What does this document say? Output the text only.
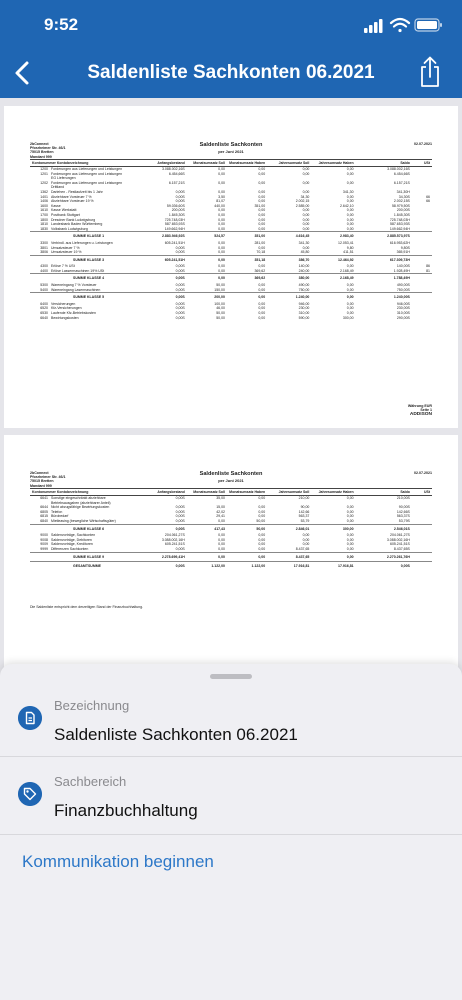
9:52
Saldenliste Sachkonten 06.2021
2bConnect
Pforzheimer Str. 46/1
75015 Bretten
Mandant 999
Saldenliste Sachkonten
per Juni 2021
02.07.2021
Kontonummer Kontobezeichnung	Anfangsbestand	Monatsumsatz Soll	Monatsumsatz Haben	Jahresumsatz Soll	Jahresumsatz Haben	Saldo	USt
1200 Forderungen aus Lieferungen und Leistungen	3.088.002,16S	0,00	0,00	0,00	0,00	3.088.002,16S	
1201 Forderungen aus Lieferungen und Leistungen	6.454,66S	0,00	0,00	0,00	0,00	6.454,66S	
EG Lieferungen							
1202 Forderungen aus Lieferungen und Leistungen	6.157,21S	0,00	0,00	0,00	0,00	6.157,21S	
Drittland							
1362 Darlehen - Restlaufzeit bis 1 Jahr	0,00S	0,00	0,00	0,00	341,30	341,30H	
1401 Abziehbare Vorsteuer 7 %	0,00S	3,50	0,00	34,30	0,00	34,30S	66
1406 Abziehbare Vorsteuer 19 %	0,00S	81,07	0,00	2.002,15	0,00	2.002,15S	66
1600 Kasse	59.036,60S	440,00	351,00	2.585,00	2.642,10	58.979,50S	
1610 Kasse Werkstatt	200,00S	0,00	0,00	0,00	0,00	200,00S	
1700 Postbank Stuttgart	1.845,30S	0,00	0,00	0,00	0,00	1.845,30S	
1800 Dresdner Bank Ludwigsburg	725.748,03H	0,00	0,00	0,00	0,00	725.748,03H	
1810 Landesbank Baden Württemberg	587.653,93S	0,00	0,00	0,00	0,00	587.653,93S	
1830 Volksbank Ludwigsburg	149.662,94H	0,00	0,00	0,00	0,00	149.662,94H	
SUMME KLASSE 1	2.883.946,92S	524,57	351,00	4.616,45	2.983,40	2.885.573,97S	
3300 Verbindl. aus Lieferungen u. Leistungen	605.241,51H	0,00	281,00	341,30	12.053,41	616.953,62H	
3801 Umsatzsteuer 7 %	0,00S	0,00	0,00	0,00	9,80	9,80S	
3806 Umsatzsteuer 19 %	0,00S	0,00	70,18	45,80	411,51	365,91H	
SUMME KLASSE 3	605.241,51H	0,00	351,18	386,70	12.464,92	617.309,73H	
4300 Erlöse 7 % USt	0,00S	0,00	0,00	140,00	0,00	140,00S	86
4400 Erlöse Lassermaschinen 19% USt	0,00S	0,00	369,62	240,00	2.168,49	1.928,49H	81
SUMME KLASSE 4	0,00S	0,00	369,62	380,00	2.168,49	1.788,49H	
5300 Wareneingang 7 % Vorsteuer	0,00S	50,00	0,00	490,00	0,00	490,00S	
5400 Wareneingang Lasermaschinen	0,00S	150,00	0,00	750,00	0,00	750,00S	
SUMME KLASSE 5	0,00S	200,00	0,00	1.240,00	0,00	1.240,00S	
6400 Versicherungen	0,00S	100,00	0,00	946,00	0,00	946,00S	
6520 Kfz-Versicherungen	0,00S	46,00	0,00	230,00	0,00	230,00S	
6530 Laufende Kfz-Betriebskosten	0,00S	50,00	0,00	310,00	0,00	310,00S	
6640 Bewirtungskosten	0,00S	50,00	0,00	590,00	300,00	290,00S	
Währung EUR
Seite 1
ADDISON
2bConnect
Pforzheimer Str. 46/1
75015 Bretten
Mandant 999
Saldenliste Sachkonten
per Juni 2021
02.07.2021
Kontonummer Kontobezeichnung	Anfangsbestand	Monatsumsatz Soll	Monatsumsatz Haben	Jahresumsatz Soll	Jahresumsatz Haben	Saldo	USt
6641 Sonstige eingeschränkt abziehbare	0,00S	35,00	0,00	210,00	0,00	210,00S	
Betriebsausgaben (abziehbarer Anteil)							
6644 Nicht abzugsfähige Bewirtungskosten	0,00S	15,00	0,00	90,00	0,00	90,00S	
6805 Telefon	0,00S	42,02	0,00	142,66	0,00	142,66S	
6815 Bürobedarf	0,00S	29,41	0,00	563,37	0,00	563,37S	
6840 Mietleasing (bewegliche Wirtschaftsgüter)	0,00S	0,00	50,00	53,79	0,00	53,79S	
SUMME KLASSE 6	0,00S	417,43	50,00	2.846,01	300,00	2.546,01S	
9000 Saldenvorträge, Sachkonten	204.061,27S	0,00	0,00	0,00	0,00	204.061,27S	
9008 Saldenvorträge, Debitoren	3.088.002,16H	0,00	0,00	0,00	0,00	3.088.002,16H	
9009 Saldenvorträge, Kreditoren	605.241,51S	0,00	0,00	0,00	0,00	605.241,51S	
9999 Differenzen Sachkonten	0,00S	0,00	0,00	8.437,65	0,00	8.437,65S	
SUMME KLASSE 9	2.278.699,41H	0,00	0,00	8.437,65	0,00	2.270.261,76H	
GESAMTSUMME	0,00S	1.122,00	1.122,00	17.916,81	17.916,81	0,00S	
Die Saldenliste entspricht dem derzeitigen Stand der Finanzbuchhaltung.
Bezeichnung
Saldenliste Sachkonten 06.2021
Sachbereich
Finanzbuchhaltung
Kommunikation beginnen
